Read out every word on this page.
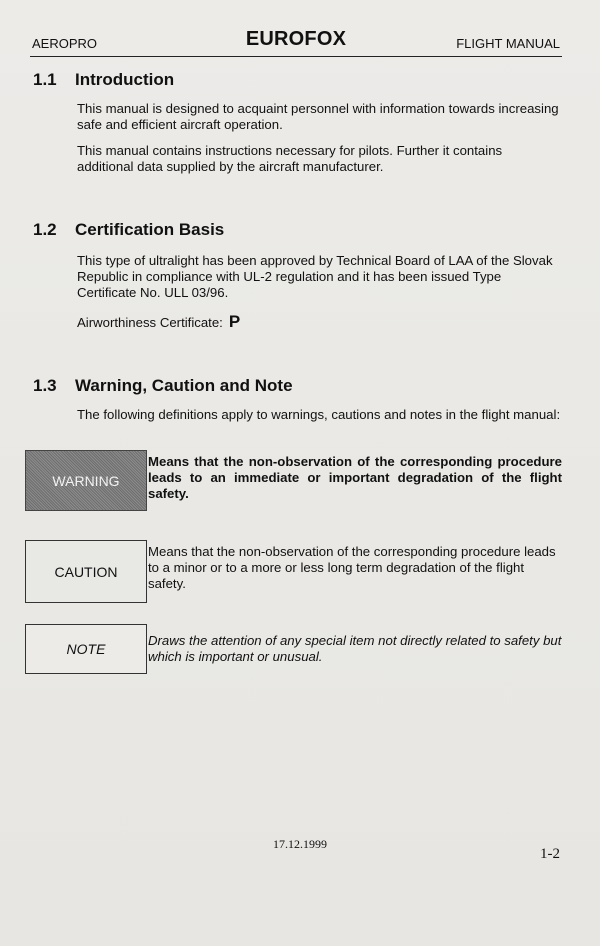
AEROPRO	EUROFOX	FLIGHT MANUAL
1.1 Introduction
This manual is designed to acquaint personnel with information towards increasing safe and efficient aircraft operation.
This manual contains instructions necessary for pilots. Further it contains additional data supplied by the aircraft manufacturer.
1.2 Certification Basis
This type of ultralight has been approved by Technical Board of LAA of the Slovak Republic in compliance with UL-2 regulation and it has been issued Type Certificate No. ULL 03/96.
Airworthiness Certificate: P
1.3 Warning, Caution and Note
The following definitions apply to warnings, cautions and notes in the flight manual:
WARNING
Means that the non-observation of the corresponding procedure leads to an immediate or important degradation of the flight safety.
CAUTION
Means that the non-observation of the corresponding procedure leads to a minor or to a more or less long term degradation of the flight safety.
NOTE
Draws the attention of any special item not directly related to safety but which is important or unusual.
17.12.1999
1-2
